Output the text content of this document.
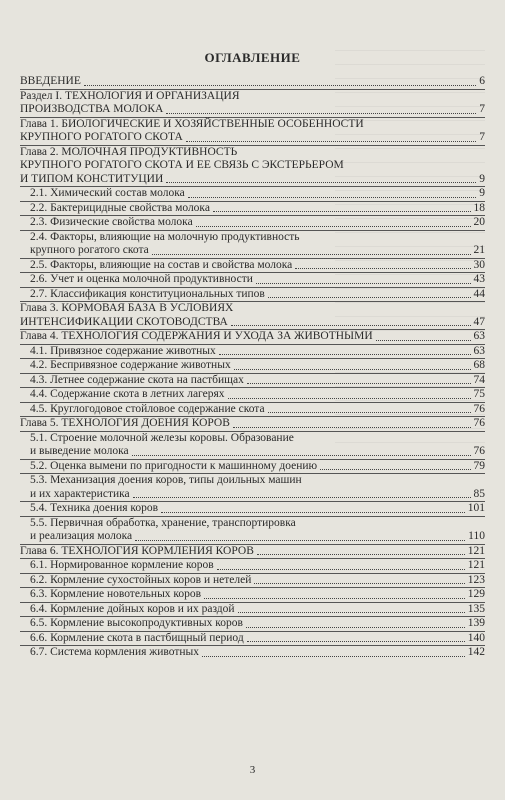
ОГЛАВЛЕНИЕ
ВВЕДЕНИЕ	6
Раздел I. ТЕХНОЛОГИЯ И ОРГАНИЗАЦИЯ
ПРОИЗВОДСТВА МОЛОКА	7
Глава 1. БИОЛОГИЧЕСКИЕ И ХОЗЯЙСТВЕННЫЕ ОСОБЕННОСТИ
КРУПНОГО РОГАТОГО СКОТА	7
Глава 2. МОЛОЧНАЯ ПРОДУКТИВНОСТЬ
КРУПНОГО РОГАТОГО СКОТА И ЕЕ СВЯЗЬ С ЭКСТЕРЬЕРОМ
И ТИПОМ КОНСТИТУЦИИ	9
2.1. Химический состав молока	9
2.2. Бактерицидные свойства молока	18
2.3. Физические свойства молока	20
2.4. Факторы, влияющие на молочную продуктивность
крупного рогатого скота	21
2.5. Факторы, влияющие на состав и свойства молока	30
2.6. Учет и оценка молочной продуктивности	43
2.7. Классификация конституциональных типов	44
Глава 3. КОРМОВАЯ БАЗА В УСЛОВИЯХ
ИНТЕНСИФИКАЦИИ СКОТОВОДСТВА	47
Глава 4. ТЕХНОЛОГИЯ СОДЕРЖАНИЯ И УХОДА ЗА ЖИВОТНЫМИ	63
4.1. Привязное содержание животных	63
4.2. Беспривязное содержание животных	68
4.3. Летнее содержание скота на пастбищах	74
4.4. Содержание скота в летних лагерях	75
4.5. Круглогодовое стойловое содержание скота	76
Глава 5. ТЕХНОЛОГИЯ ДОЕНИЯ КОРОВ	76
5.1. Строение молочной железы коровы. Образование
и выведение молока	76
5.2. Оценка вымени по пригодности к машинному доению	79
5.3. Механизация доения коров, типы доильных машин
и их характеристика	85
5.4. Техника доения коров	101
5.5. Первичная обработка, хранение, транспортировка
и реализация молока	110
Глава 6. ТЕХНОЛОГИЯ КОРМЛЕНИЯ КОРОВ	121
6.1. Нормированное кормление коров	121
6.2. Кормление сухостойных коров и нетелей	123
6.3. Кормление новотельных коров	129
6.4. Кормление дойных коров и их раздой	135
6.5. Кормление высокопродуктивных коров	139
6.6. Кормление скота в пастбищный период	140
6.7. Система кормления животных	142
3
